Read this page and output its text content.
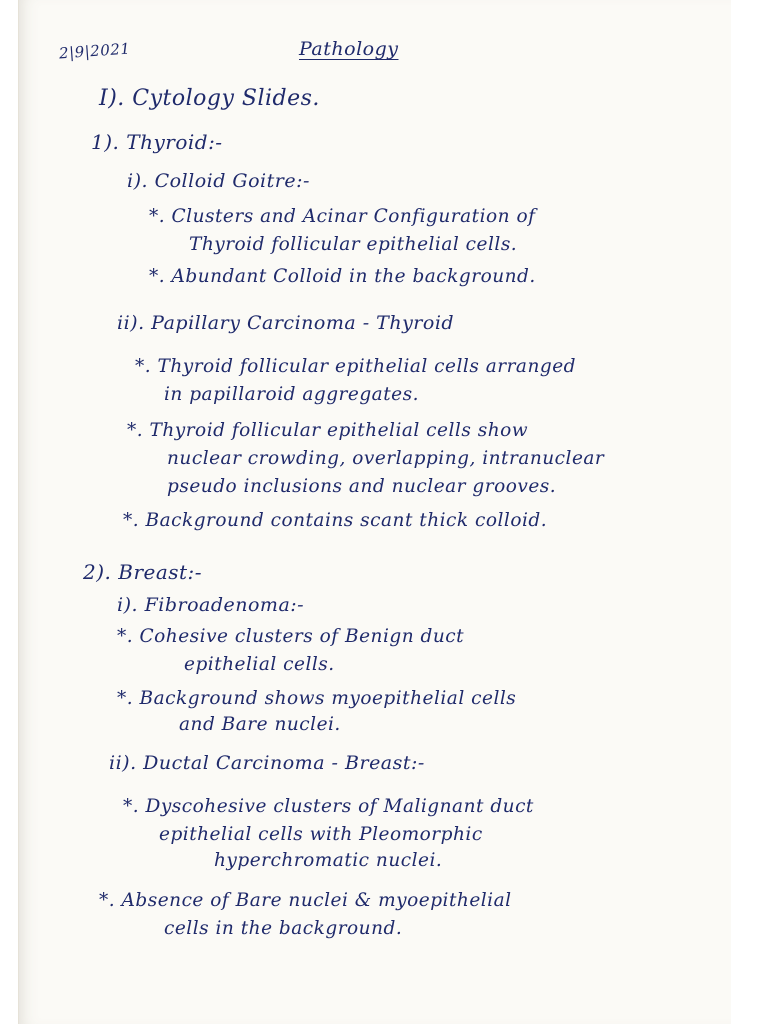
2|9|2021	Pathology
I). Cytology Slides.
1). Thyroid:-
i). Colloid Goitre:-
*. Clusters and Acinar Configuration of
Thyroid follicular epithelial cells.
*. Abundant Colloid in the background.
ii). Papillary Carcinoma - Thyroid
*. Thyroid follicular epithelial cells arranged
in papillaroid aggregates.
*. Thyroid follicular epithelial cells show
nuclear crowding, overlapping, intranuclear
pseudo inclusions and nuclear grooves.
*. Background contains scant thick colloid.
2). Breast:-
i). Fibroadenoma:-
*. Cohesive clusters of Benign duct
epithelial cells.
*. Background shows myoepithelial cells
and Bare nuclei.
ii). Ductal Carcinoma - Breast:-
*. Dyscohesive clusters of Malignant duct
epithelial cells with Pleomorphic
hyperchromatic nuclei.
*. Absence of Bare nuclei & myoepithelial
cells in the background.
